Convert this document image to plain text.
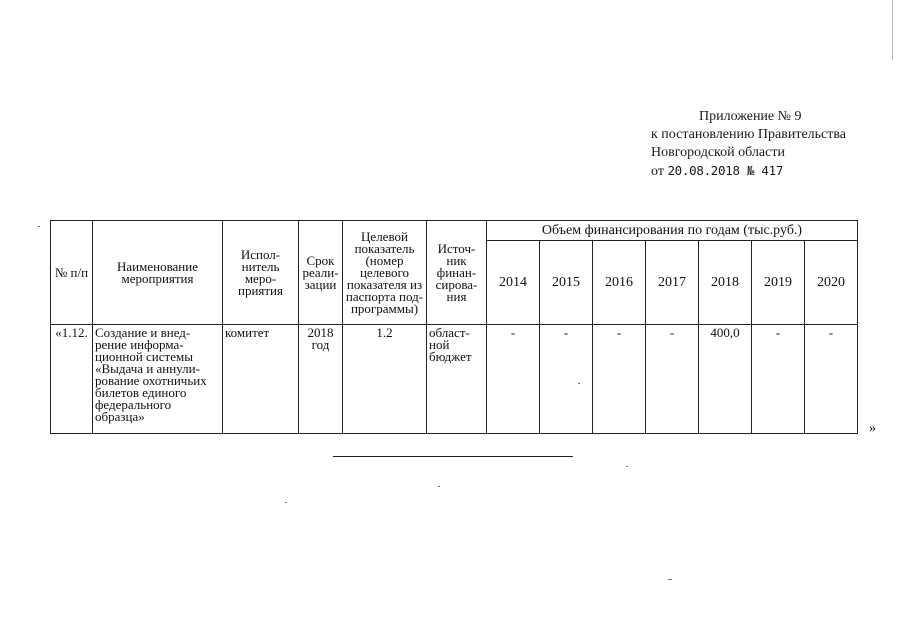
Приложение № 9
к постановлению Правительства
Новгородской области
от 20.08.2018 № 417
№ п/п	Наименование мероприятия	Испол-нитель меро-приятия	Срок реали-зации	Целевой показатель (номер целевого показателя из паспорта под-программы)	Источ-ник финан-сирова-ния	Объем финансирования по годам (тыс.руб.)						
						2014	2015	2016	2017	2018	2019	2020
«1.12.	Создание и внед-рение информа-ционной системы «Выдача и аннули-рование охотничьих билетов единого федерального образца»	комитет	2018 год	1.2	област-ной бюджет	-	-	-	-	400,0	-	-
»
